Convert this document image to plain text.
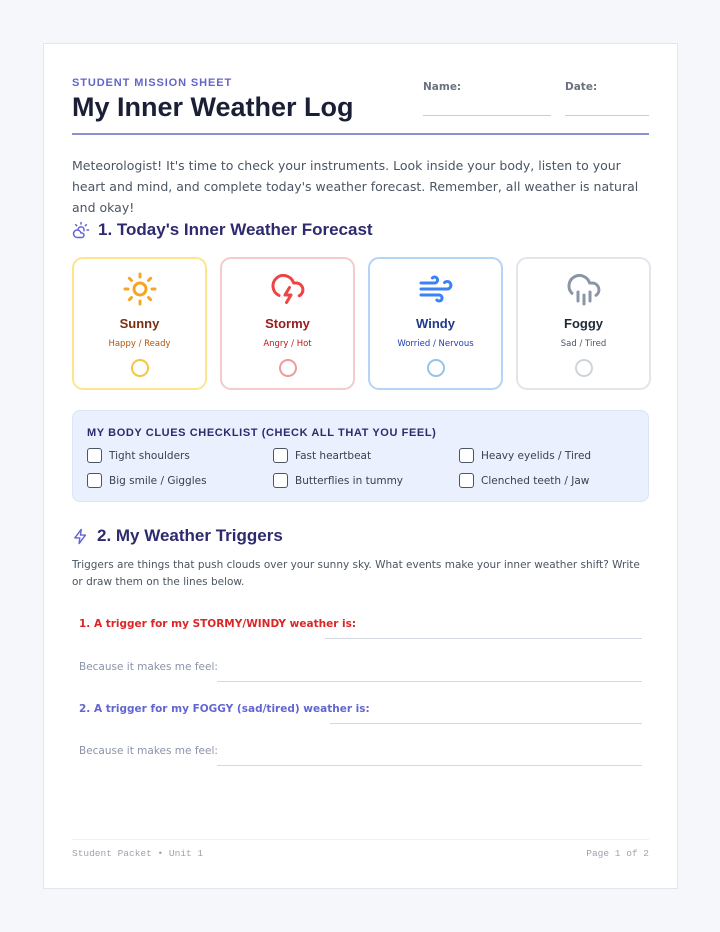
STUDENT MISSION SHEET
My Inner Weather Log
Name:	Date:

Meteorologist! It's time to check your instruments. Look inside your body, listen to your heart and mind, and complete today's weather forecast. Remember, all weather is natural and okay!

1. Today's Inner Weather Forecast
Sunny
Happy / Ready
Stormy
Angry / Hot
Windy
Worried / Nervous
Foggy
Sad / Tired
MY BODY CLUES CHECKLIST (CHECK ALL THAT YOU FEEL)
Tight shoulders	Fast heartbeat	Heavy eyelids / Tired
Big smile / Giggles	Butterflies in tummy	Clenched teeth / Jaw
2. My Weather Triggers

Triggers are things that push clouds over your sunny sky. What events make your inner weather shift? Write or draw them on the lines below.

1. A trigger for my STORMY/WINDY weather is:
Because it makes me feel:
2. A trigger for my FOGGY (sad/tired) weather is:
Because it makes me feel:
Student Packet • Unit 1	Page 1 of 2
